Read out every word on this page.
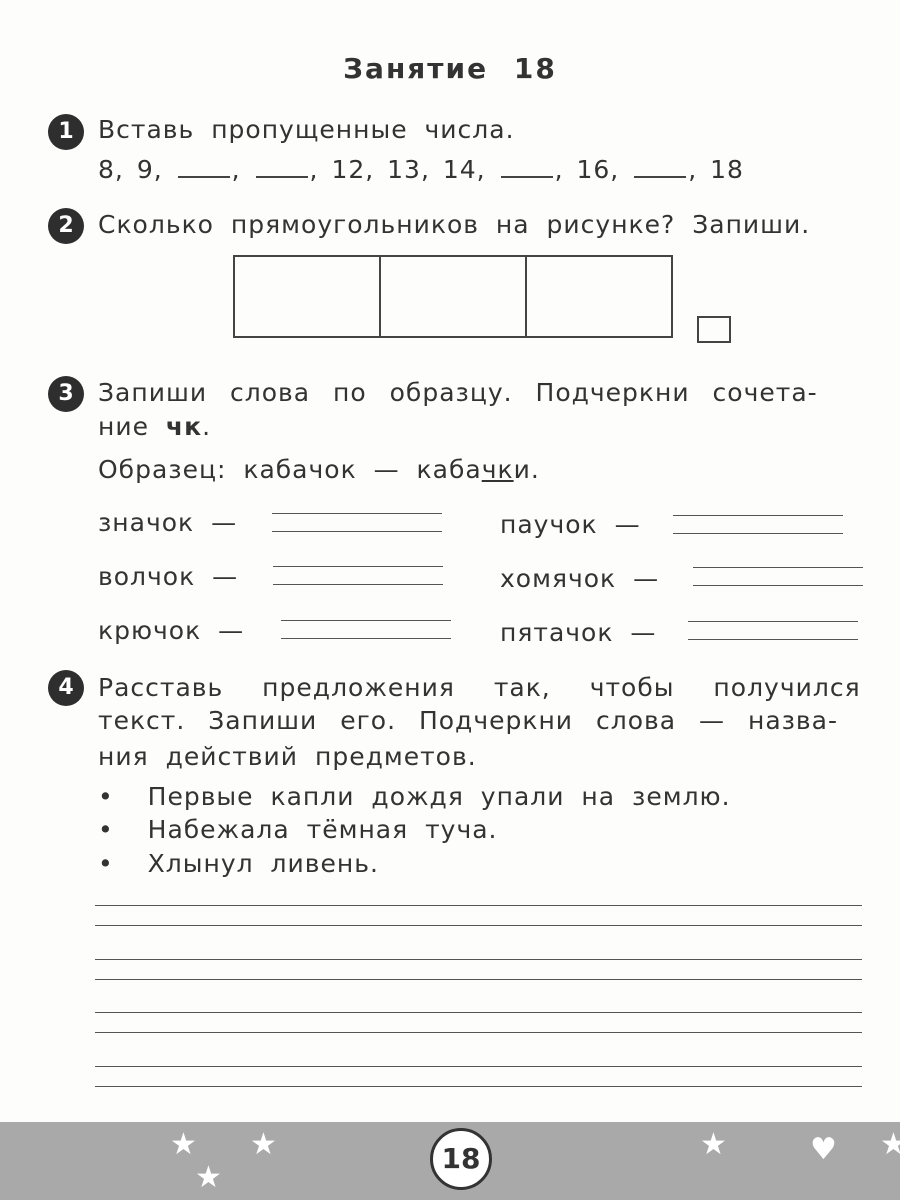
Занятие 18
1 Вставь пропущенные числа.
8, 9,	,	, 12, 13, 14,	, 16,	, 18
2 Сколько прямоугольников на рисунке? Запиши.
3 Запиши слова по образцу. Подчеркни сочета-
ние чк.
Образец: кабачок — кабачки.
значок —	паучок —
волчок —	хомячок —
крючок —	пятачок —
4 Расставь предложения так, чтобы получился
текст. Запиши его. Подчеркни слова — назва-
ния действий предметов.
•  Первые капли дождя упали на землю.
•  Набежала тёмная туча.
•  Хлынул ливень.
★ ★	★	★
★
♥
18
